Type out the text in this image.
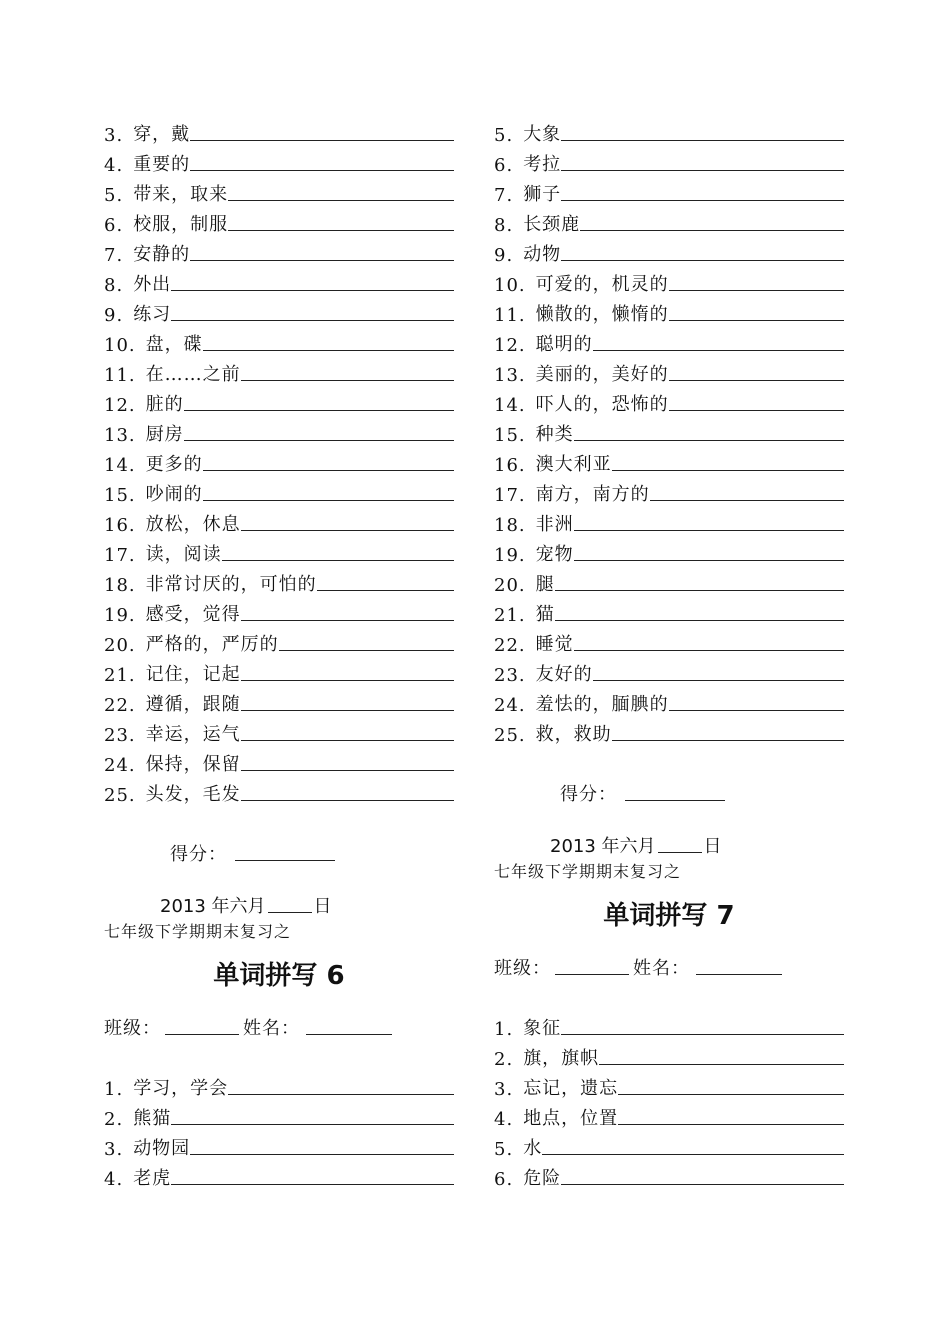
3. 穿，戴
4. 重要的
5. 带来，取来
6. 校服，制服
7. 安静的
8. 外出
9. 练习
10. 盘，碟
11. 在……之前
12. 脏的
13. 厨房
14. 更多的
15. 吵闹的
16. 放松，休息
17. 读，阅读
18. 非常讨厌的，可怕的
19. 感受，觉得
20. 严格的，严厉的
21. 记住，记起
22. 遵循，跟随
23. 幸运，运气
24. 保持，保留
25. 头发，毛发
得分：
2013 年六月	日
七年级下学期期末复习之
单词拼写 6
班级：	姓名：
1. 学习，学会
2. 熊猫
3. 动物园
4. 老虎
5. 大象
6. 考拉
7. 狮子
8. 长颈鹿
9. 动物
10. 可爱的，机灵的
11. 懒散的，懒惰的
12. 聪明的
13. 美丽的，美好的
14. 吓人的，恐怖的
15. 种类
16. 澳大利亚
17. 南方，南方的
18. 非洲
19. 宠物
20. 腿
21. 猫
22. 睡觉
23. 友好的
24. 羞怯的，腼腆的
25. 救，救助
得分：
2013 年六月	日
七年级下学期期末复习之
单词拼写 7
班级：	姓名：
1. 象征
2. 旗，旗帜
3. 忘记，遗忘
4. 地点，位置
5. 水
6. 危险
